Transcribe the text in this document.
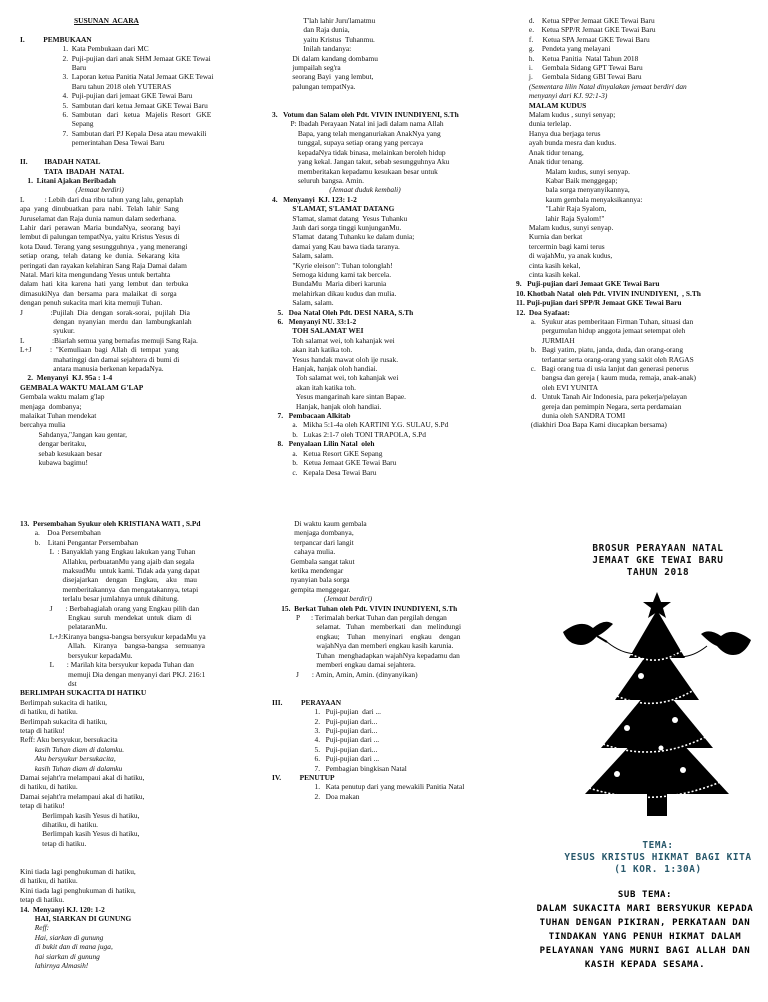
SUSUNAN  ACARA

I.          PEMBUKAAN
1.  Kata Pembukaan dari MC
2.  Puji-pujian dari anak SHM Jemaat GKE Tewai
Baru
3.  Laporan ketua Panitia Natal Jemaat GKE Tewai
Baru tahun 2018 oleh YUTERAS
4.  Puji-pujian dari jemaat GKE Tewai Baru
5.  Sambutan dari ketua Jemaat GKE Tewai Baru
6.  Sambutan   dari   ketua   Majelis  Resort   GKE
Sepang
7.  Sambutan dari PJ Kepala Desa atau mewakili
pemerintahan Desa Tewai Baru

II.         IBADAH NATAL
TATA  IBADAH  NATAL
1.  Litani Ajakan Beribadah
(Jemaat berdiri)
L           : Lebih dari dua ribu tahun yang lalu, genaplah
apa  yang  dinubuatkan  para  nabi.  Telah  lahir  Sang
Juruselamat dan Raja dunia namun dalam sederhana.
Lahir  dari  perawan  Maria  bundaNya,  seorang  bayi
lembut di palungan tempatNya, yaitu Kristus Yesus di
kota Daud. Terang yang sesungguhnya , yang menerangi
setiap  orang,  telah  datang  ke  dunia.  Sekarang  kita
peringati dan rayakan kelahiran Sang Raja Damai dalam
Natal. Mari kita mengundang Yesus untuk bertahta
dalam  hati  kita  karena  hati  yang  lembut  dan  terbuka
dimasukiNya  dan  bersama  para  malaikat  di  sorga
dengan penuh sukacita mari kita memuji Tuhan.
J               :Pujilah  Dia  dengan  sorak-sorai,  pujilah  Dia
dengan  nyanyian  merdu  dan  lambungkanlah
syukur.
L               :Biarlah semua yang bernafas memuji Sang Raja.
L+J          :  "Kemuliaan  bagi  Allah  di  tempat  yang
mahatinggi dan damai sejahtera di bumi di
antara manusia berkenan kepadaNya.
2.  Menyanyi  KJ. 95a : 1-4
GEMBALA WAKTU MALAM G'LAP
Gembala waktu malam g'lap
menjaga  dombanya;
malaikat Tuhan mendekat
bercahya mulia
Sahdanya,"Jangan kau gentar,
dengar beritaku,
sebab kesukaan besar
kubawa bagimu!
T'lah lahir Juru'lamatmu
dan Raja dunia,
yaitu Kristus  Tuhanmu.
Inilah tandanya:
Di dalam kandang dombamu
jumpailah seg'ra
seorang Bayi  yang lembut,
palungan tempatNya.

3.   Votum dan Salam oleh Pdt. VIVIN INUNDIYENI, S.Th
P: Ibadah Perayaan Natal ini jadi dalam nama Allah
Bapa, yang telah menganuriakan AnakNya yang
tunggal, supaya setiap orang yang percaya
kepadaNya tidak binasa, melainkan beroleh hidup
yang kekal. Jangan takut, sebab sesungguhnya Aku
memberitakan kepadamu kesukaan besar untuk
seluruh bangsa. Amin.
(Jemaat duduk kembali)
4.   Menyanyi  KJ. 123: 1-2
S'LAMAT, S'LAMAT DATANG
S'lamat, slamat datang  Yesus Tuhanku
Jauh dari sorga tinggi kunjunganMu.
S'lamat  datang Tuhanku ke dalam dunia;
damai yang Kau bawa tiada taranya.
Salam, salam.
"Kyrie eleison": Tuhan tolonglah!
Semoga kidung kami tak bercela.
BundaMu  Maria diberi karunia
melahirkan dikau kudus dan mulia.
Salam, salam.
5.   Doa Natal Oleh Pdt. DESI NARA, S.Th
6.   Menyanyi NU. 33:1-2
TOH SALAMAT WEI
Toh salamat wei, toh kahanjak wei
akan itah katika toh.
Yesus handak mawat oloh ije rusak.
Hanjak, hanjak oloh handiai.
Toh salamat wei, toh kahanjak wei
akan itah katika toh.
Yesus mangarinah kare sintan Bapae.
Hanjak, hanjak oloh handiai.
7.   Pembacaan Alkitab
a.   Mikha 5:1-4a oleh KARTINI Y.G. SULAU, S.Pd
b.   Lukas 2:1-7 oleh TONI TRAPOLA, S.Pd
8.   Penyalaan Lilin Natal  oleh
a.   Ketua Resort GKE Sepang
b.   Ketua Jemaat GKE Tewai Baru
c.   Kepala Desa Tewai Baru
d.    Ketua SPPer Jemaat GKE Tewai Baru
e.    Ketua SPP/R Jemaat GKE Tewai Baru
f.     Ketua SPA Jemaat GKE Tewai Baru
g.    Pendeta yang melayani
h.    Ketua Panitia  Natal Tahun 2018
i.     Gembala Sidang GPT Tewai Baru
j.     Gembala Sidang GBI Tewai Baru
(Sementara lilin Natal dinyalakan jemaat berdiri dan
menyanyi dari KJ. 92:1-3)
MALAM KUDUS
Malam kudus , sunyi senyap;
dunia terlelap.
Hanya dua berjaga terus
ayah bunda mesra dan kudus.
Anak tidur tenang,
Anak tidur tenang.
Malam kudus, sunyi senyap.
Kabar Baik menggegap;
bala sorga menyanyikannya,
kaum gembala menyaksikannya:
"Lahir Raja Syalom,
lahir Raja Syalom!"
Malam kudus, sunyi senyap.
Kurnia dan berkat
tercermin bagi kami terus
di wajahMu, ya anak kudus,
cinta kasih kekal,
cinta kasih kekal.
9.   Puji-pujian dari Jemaat GKE Tewai Baru
10. Khotbah Natal  oleh Pdt. VIVIN INUNDIYENI,  , S.Th
11. Puji-pujian dari SPP/R Jemaat GKE Tewai Baru
12.  Doa Syafaat:
a.   Syukur atas pemberitaan Firman Tuhan, situasi dan
pergumulan hidup anggota jemaat setempat oleh
JURMIAH
b.   Bagi yatim, piatu, janda, duda, dan orang-orang
terlantar serta orang-orang yang sakit oleh RAGAS
c.   Bagi orang tua di usia lanjut dan generasi penerus
bangsa dan gereja ( kaum muda, remaja, anak-anak)
oleh EVI YUNITA
d.   Untuk Tanah Air Indonesia, para pekerja/pelayan
gereja dan pemimpin Negara, serta perdamaian
dunia oleh SANDRA TOMI
(diakhiri Doa Bapa Kami diucapkan bersama)
13.  Persembahan Syukur oleh KRISTIANA WATI , S.Pd
a.    Doa Persembahan
b.    Litani Pengantar Persembahan
L  : Banyaklah yang Engkau lakukan yang Tuhan
Allahku, perbuatanMu yang ajaib dan segala
maksudMu  untuk kami. Tidak ada yang dapat
disejajarkan    dengan    Engkau,    aku    mau
memberitakannya  dan mengatakannya, tetapi
terlalu besar jumlahnya untuk dihitung.
J       : Berbahagialah orang yang Engkau pilih dan
Engkau  suruh  mendekat  untuk  diam  di
pelataranMu.
L+J:Kiranya bangsa-bangsa bersyukur kepadaMu ya
Allah.    Kiranya    bangsa-bangsa    semuanya
bersyukur kepadaMu.
L       : Marilah kita bersyukur kepada Tuhan dan
memuji Dia dengan menyanyi dari PKJ. 216:1
dst
BERLIMPAH SUKACITA DI HATIKU
Berlimpah sukacita di hatiku,
di hatiku, di hatiku.
Berlimpah sukacita di hatiku,
tetap di hatiku!
Reff: Aku bersyukur, bersukacita
kasih Tuhan diam di dalamku.
Aku bersyukur bersukacita,
kasih Tuhan diam di dalamku
Damai sejaht'ra melampaui akal di hatiku,
di hatiku, di hatiku.
Damai sejaht'ra melampaui akal di hatiku,
tetap di hatiku!
Berlimpah kasih Yesus di hatiku,
dihatiku, di hatiku.
Berlimpah kasih Yesus di hatiku,
tetap di hatiku.

Kini tiada lagi penghukuman di hatiku,
di hatiku, di hatiku.
Kini tiada lagi penghukuman di hatiku,
tetap di hatiku.
14.  Menyanyi KJ. 120: 1-2
HAI, SIARKAN DI GUNUNG
Reff:
Hai, siarkan di gunung
di bukit dan di mana juga,
hai siarkan di gunung
lahirnya Almasih!
Di waktu kaum gembala
menjaga dombanya,
terpancar dari langit
cahaya mulia.
Gembala sangat takut
ketika mendengar
nyanyian bala sorga
gempita menggegar.
(Jemaat berdiri)
15.  Berkat Tuhan oleh Pdt. VIVIN INUNDIYENI, S.Th
P      : Terimalah berkat Tuhan dan pergilah dengan
selamat.   Tuhan   memberkati   dan   melindungi
engkau;    Tuhan    menyinari    engkau    dengan
wajahNya dan memberi engkau kasih karunia.
Tuhan  menghadapkan wajahNya kepadamu dan
memberi engkau damai sejahtera.
J       : Amin, Amin, Amin. (dinyanyikan)

III.          PERAYAAN
1.   Puji-pujian  dari ...
2.   Puji-pujian dari...
3.   Puji-pujian dari...
4.   Puji-pujian dari ...
5.   Puji-pujian dari...
6.   Puji-pujian dari ...
7.   Pembagian bingkisan Natal
IV.          PENUTUP
1.   Kata penutup dari yang mewakili Panitia Natal
2.   Doa makan
BROSUR PERAYAAN NATAL
JEMAAT GKE TEWAI BARU
TAHUN 2018
TEMA:
YESUS KRISTUS HIKMAT BAGI KITA
(1 KOR. 1:30A)
SUB TEMA:
DALAM SUKACITA MARI BERSYUKUR KEPADA
TUHAN DENGAN PIKIRAN, PERKATAAN DAN
TINDAKAN YANG PENUH HIKMAT DALAM
PELAYANAN YANG MURNI BAGI ALLAH DAN
KASIH KEPADA SESAMA.
